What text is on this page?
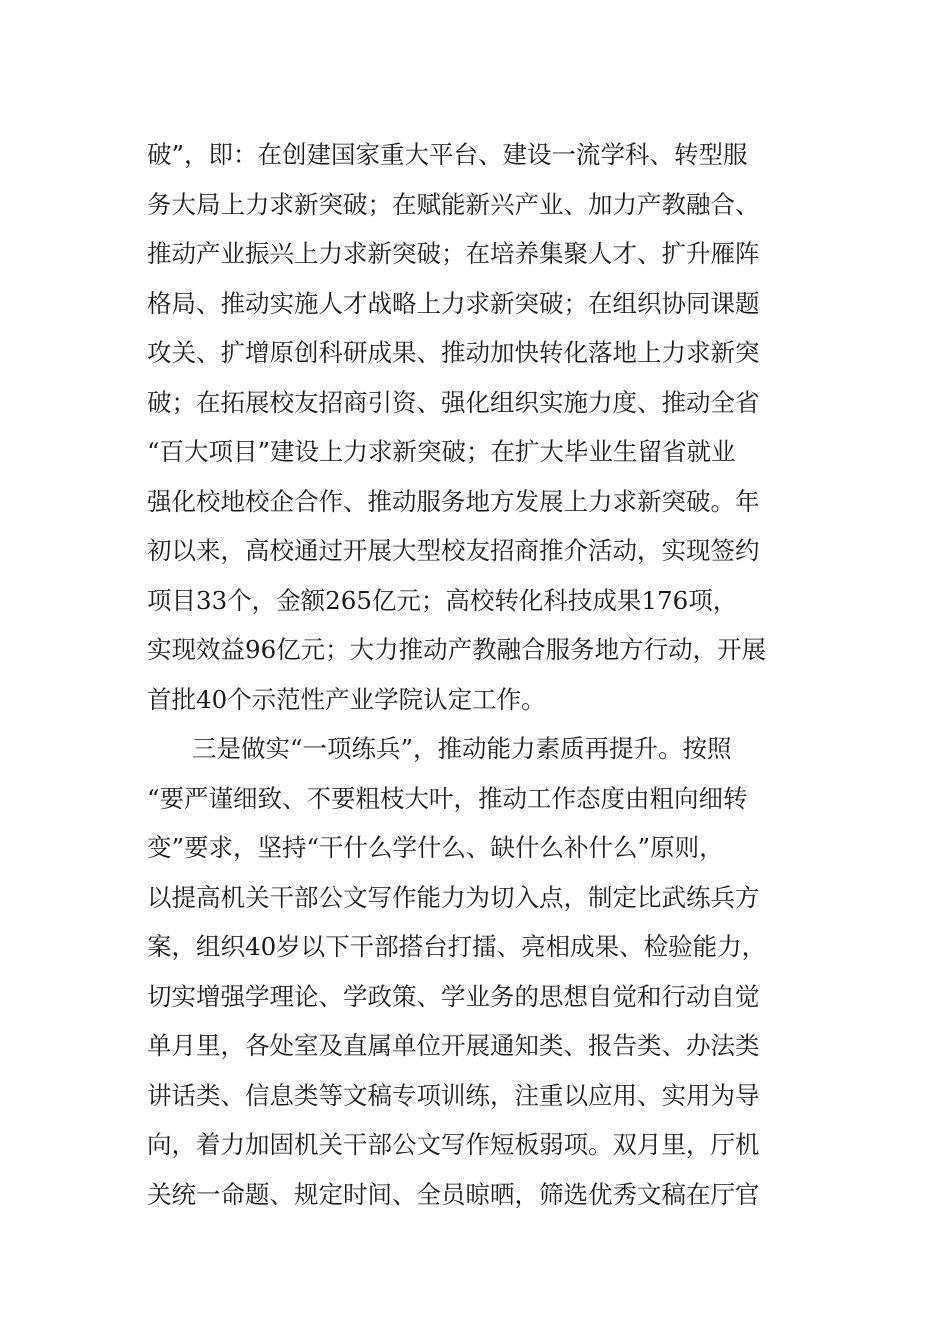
破”，即：在创建国家重大平台、建设一流学科、转型服
务大局上力求新突破；在赋能新兴产业、加力产教融合、
推动产业振兴上力求新突破；在培养集聚人才、扩升雁阵
格局、推动实施人才战略上力求新突破；在组织协同课题
攻关、扩增原创科研成果、推动加快转化落地上力求新突
破；在拓展校友招商引资、强化组织实施力度、推动全省
“百大项目”建设上力求新突破；在扩大毕业生留省就业
强化校地校企合作、推动服务地方发展上力求新突破。年
初以来，高校通过开展大型校友招商推介活动，实现签约
项目33个，金额265亿元；高校转化科技成果176项，
实现效益96亿元；大力推动产教融合服务地方行动，开展
首批40个示范性产业学院认定工作。
三是做实“一项练兵”，推动能力素质再提升。按照
“要严谨细致、不要粗枝大叶，推动工作态度由粗向细转
变”要求，坚持“干什么学什么、缺什么补什么”原则，
以提高机关干部公文写作能力为切入点，制定比武练兵方
案，组织40岁以下干部搭台打擂、亮相成果、检验能力，
切实增强学理论、学政策、学业务的思想自觉和行动自觉
单月里，各处室及直属单位开展通知类、报告类、办法类
讲话类、信息类等文稿专项训练，注重以应用、实用为导
向，着力加固机关干部公文写作短板弱项。双月里，厅机
关统一命题、规定时间、全员晾晒，筛选优秀文稿在厅官
